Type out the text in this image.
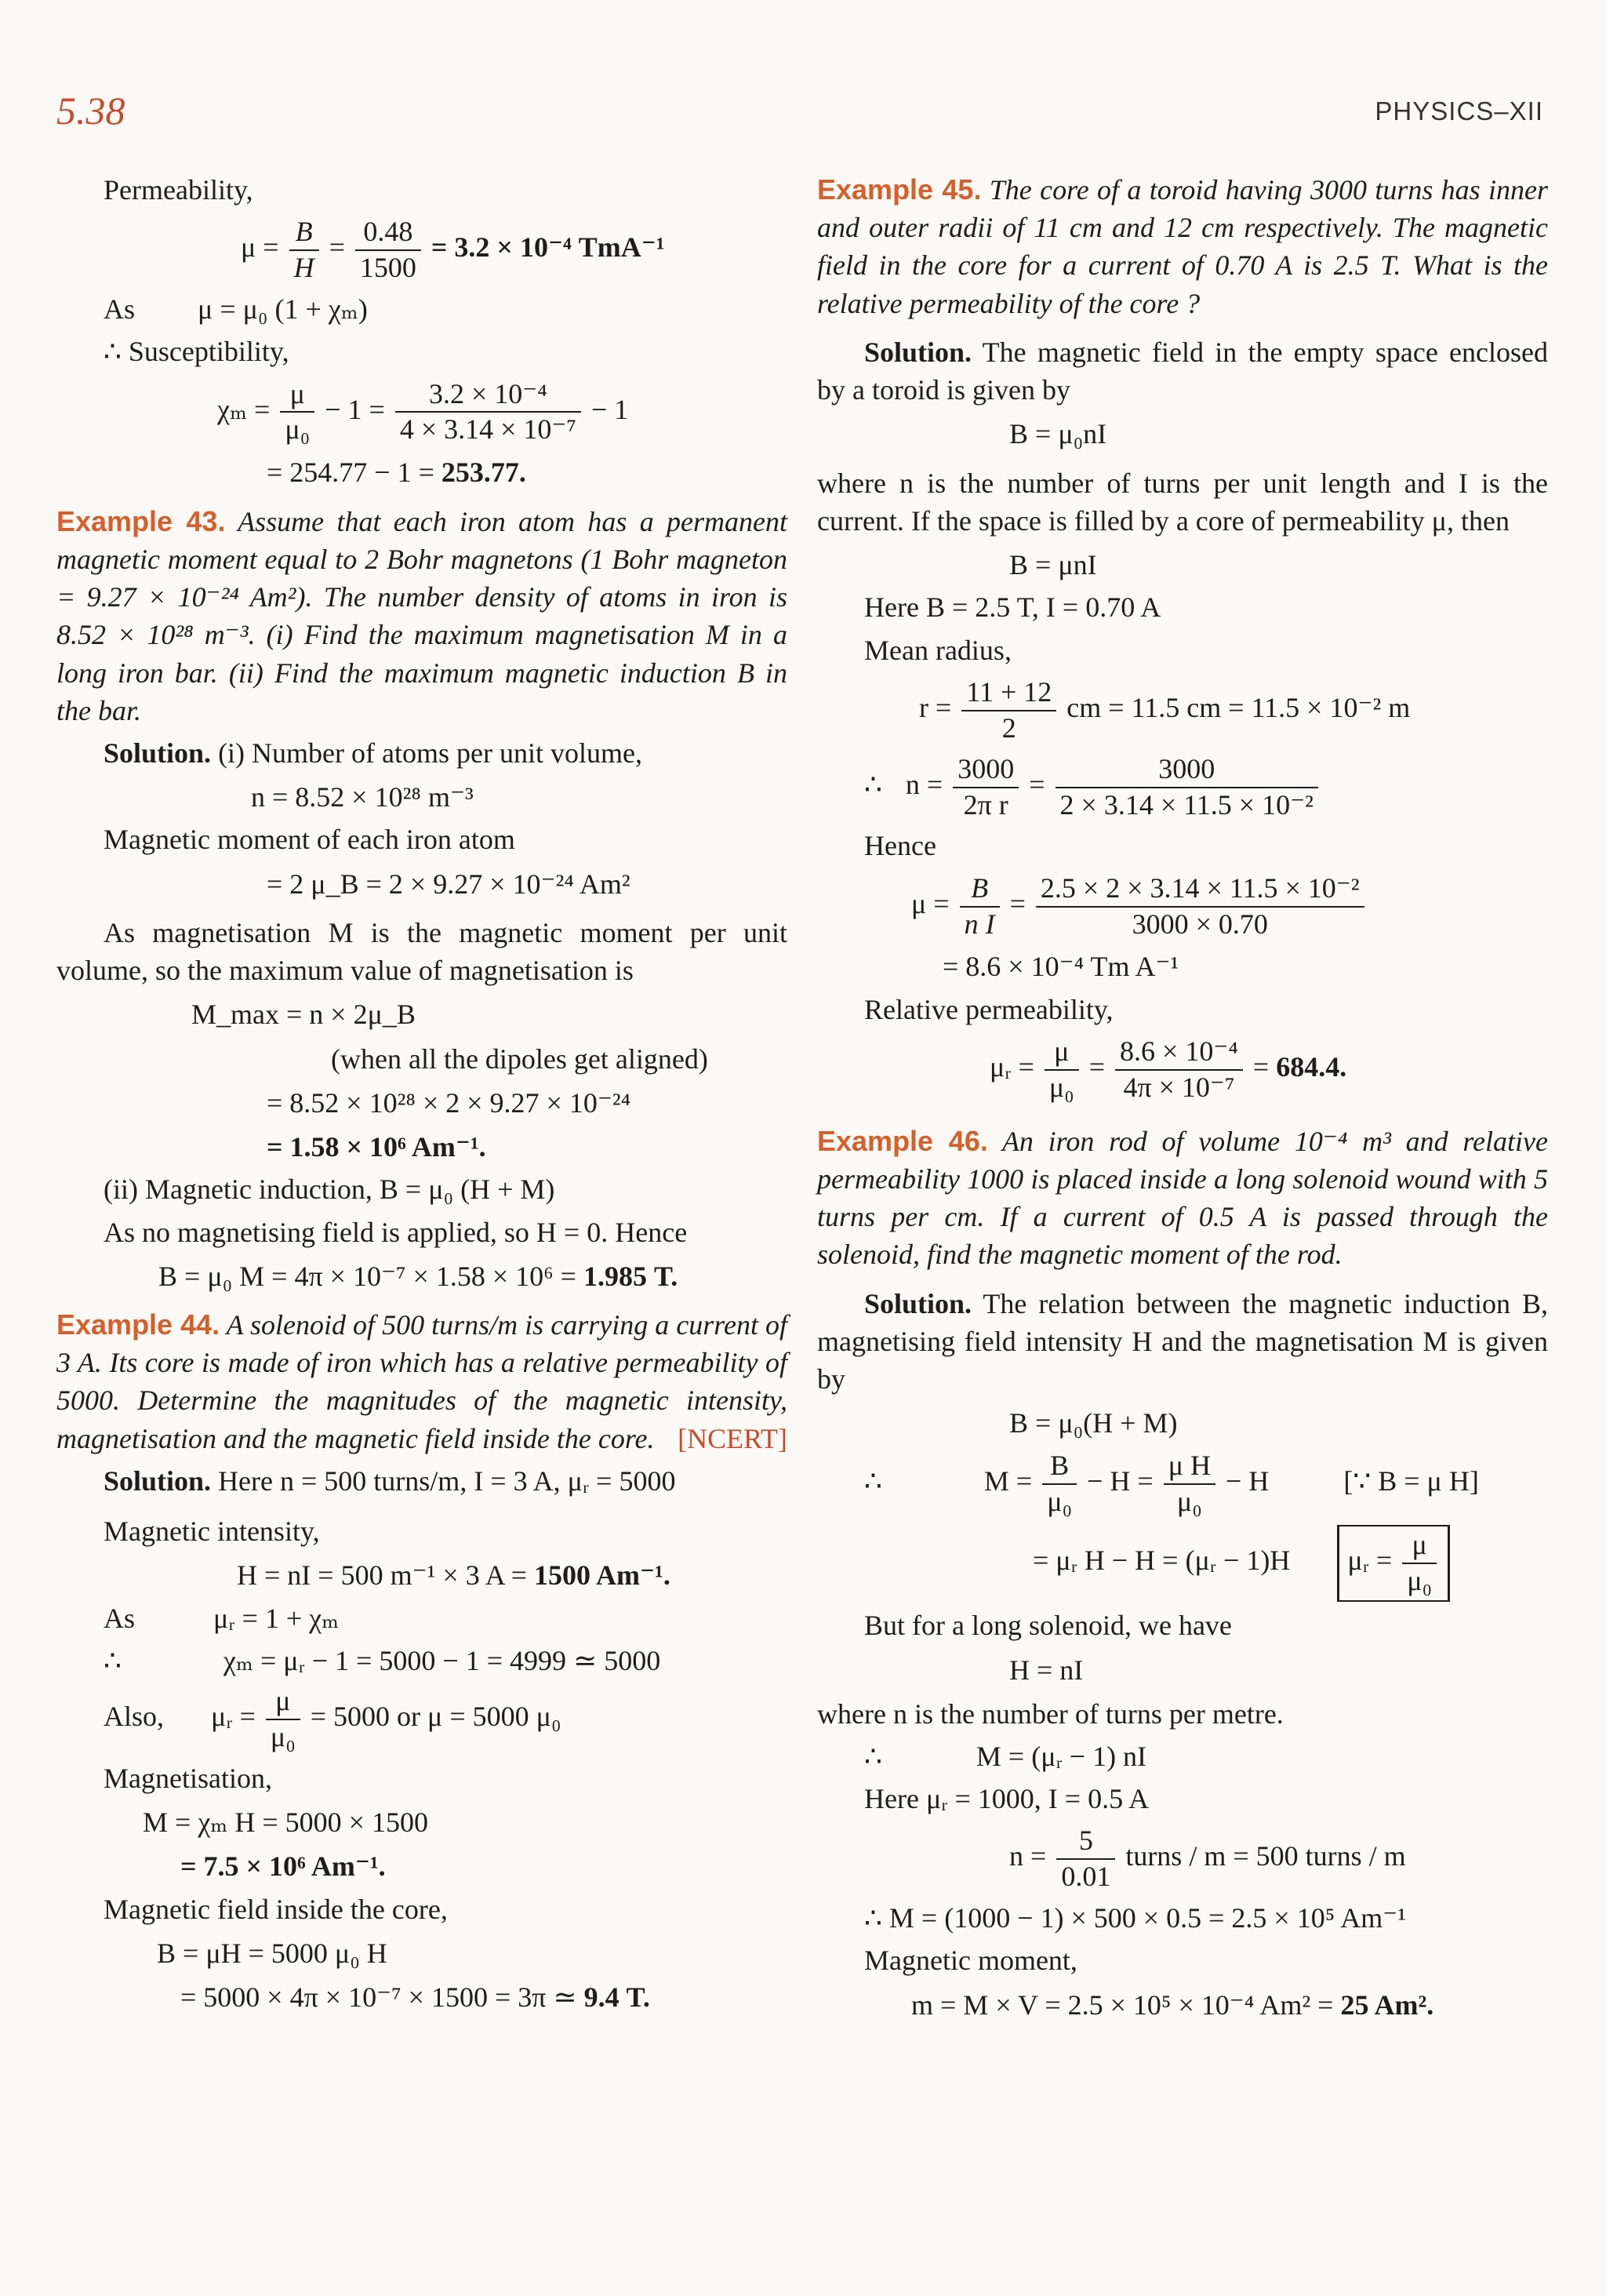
5.38	PHYSICS–XII

Permeability,

$\mu = \frac{B}{H} = \frac{0.48}{1500} = 3.2 \times 10^{-4}$ TmA⁻¹

As μ = μ₀ (1 + χₘ)

∴ Susceptibility,

$\chi_m = \frac{\mu}{\text{μ₀}} - 1 = \frac{\text{3.2 × 10⁻⁴}}{\text{4 × 3.14 × 10⁻⁷}} - 1$

= 254.77 − 1 = 253.77.

Example 43. Assume that each iron atom has a permanent magnetic moment equal to 2 Bohr magnetons (1 Bohr magneton = 9.27 × 10⁻²⁴ Am²). The number density of atoms in iron is 8.52 × 10²⁸ m⁻³. (i) Find the maximum magnetisation M in a long iron bar. (ii) Find the maximum magnetic induction B in the bar.

Solution. (i) Number of atoms per unit volume,

n = 8.52 × 10²⁸ m⁻³

Magnetic moment of each iron atom

= 2 μ_B = 2 × 9.27 × 10⁻²⁴ Am²

As magnetisation M is the magnetic moment per unit volume, so the maximum value of magnetisation is

M_max = n × 2μ_B

(when all the dipoles get aligned)

= 8.52 × 10²⁸ × 2 × 9.27 × 10⁻²⁴

= 1.58 × 10⁶ Am⁻¹.

(ii) Magnetic induction, B = μ₀ (H + M)

As no magnetising field is applied, so H = 0. Hence

B = μ₀ M = 4π × 10⁻⁷ × 1.58 × 10⁶ = 1.985 T.

Example 44. A solenoid of 500 turns/m is carrying a current of 3 A. Its core is made of iron which has a relative permeability of 5000. Determine the magnitudes of the magnetic intensity, magnetisation and the magnetic field inside the core. [NCERT]

Solution. Here n = 500 turns/m, I = 3 A, μᵣ = 5000

Magnetic intensity,

H = nI = 500 m⁻¹ × 3 A = 1500 Am⁻¹.

As	μᵣ = 1 + χₘ

∴	χₘ = μᵣ − 1 = 5000 − 1 = 4999 ≃ 5000

Also, μᵣ = $\frac{\mu}{\text{μ₀}} = 5000$ or μ = 5000 μ₀

Magnetisation,

M = χₘ H = 5000 × 1500

= 7.5 × 10⁶ Am⁻¹.

Magnetic field inside the core,

B = μH = 5000 μ₀ H

= 5000 × 4π × 10⁻⁷ × 1500 = 3π ≃ 9.4 T.

Example 45. The core of a toroid having 3000 turns has inner and outer radii of 11 cm and 12 cm respectively. The magnetic field in the core for a current of 0.70 A is 2.5 T. What is the relative permeability of the core ?

Solution. The magnetic field in the empty space enclosed by a toroid is given by

B = μ₀nI

where n is the number of turns per unit length and I is the current. If the space is filled by a core of permeability μ, then

B = μnI

Here B = 2.5 T, I = 0.70 A

Mean radius,

$r = \frac{11 + 12}{2}$ cm = 11.5 cm = 11.5 × 10⁻² m

∴ $n = \frac{3000}{\text{2π r}} = \frac{3000}{\text{2 × 3.14 × 11.5 × 10⁻²}}$

Hence

$\mu = \frac{B}{\text{n I}} = \frac{\text{2.5 × 2 × 3.14 × 11.5 × 10⁻²}}{3000 \times 0.70}$

= 8.6 × 10⁻⁴ Tm A⁻¹

Relative permeability,

μᵣ = $\frac{\mu}{\text{μ₀}} = \frac{\text{8.6 × 10⁻⁴}}{\text{4π × 10⁻⁷}} = 684.4$.

Example 46. An iron rod of volume 10⁻⁴ m³ and relative permeability 1000 is placed inside a long solenoid wound with 5 turns per cm. If a current of 0.5 A is passed through the solenoid, find the magnetic moment of the rod.

Solution. The relation between the magnetic induction B, magnetising field intensity H and the magnetisation M is given by

B = μ₀(H + M)

∴	$M = \frac{B}{\text{μ₀}} - H = \frac{\text{μ H}}{\text{μ₀}} - H$	[∵ B = μ H]

= μᵣ H − H = (μᵣ − 1)H μᵣ = $\frac{\mu}{\text{μ₀}}$

But for a long solenoid, we have

H = nI

where n is the number of turns per metre.

∴	M = (μᵣ − 1) nI

Here μᵣ = 1000, I = 0.5 A

$n = \frac{5}{0.01}$ turns / m = 500 turns / m

∴ M = (1000 − 1) × 500 × 0.5 = 2.5 × 10⁵ Am⁻¹

Magnetic moment,

m = M × V = 2.5 × 10⁵ × 10⁻⁴ Am² = 25 Am².
